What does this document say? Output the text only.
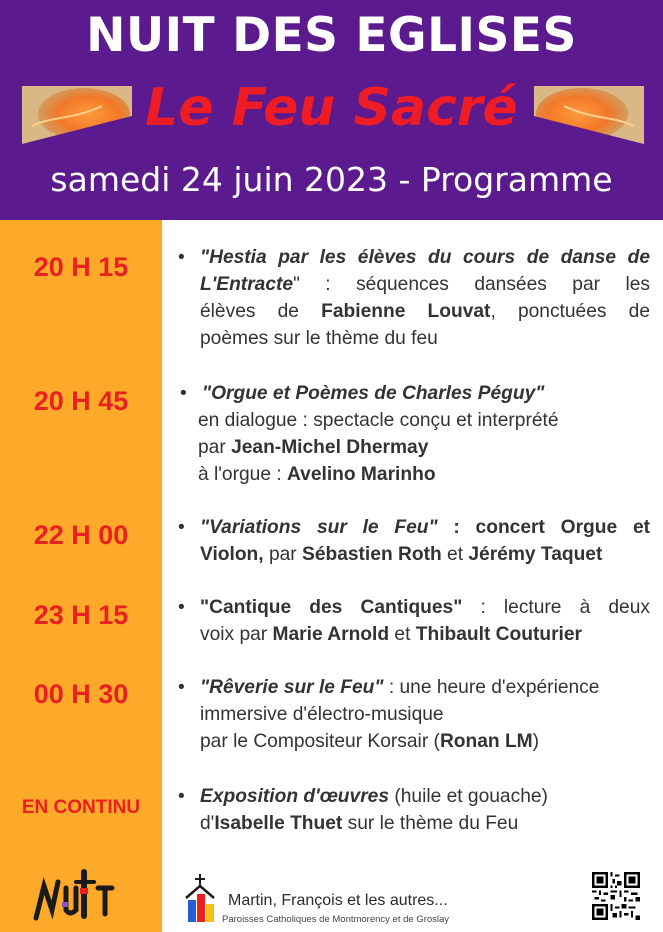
NUIT DES EGLISES
Le Feu Sacré
samedi 24 juin 2023 - Programme
20 H 15
20 H 45
22 H 00
23 H 15
00 H 30
EN CONTINU
• "Hestia par les élèves du cours de danse de
L'Entracte" : séquences dansées par les
élèves de Fabienne Louvat, ponctuées de
poèmes sur le thème du feu
• "Orgue et Poèmes de Charles Péguy"
en dialogue : spectacle conçu et interprété
par Jean-Michel Dhermay
à l'orgue : Avelino Marinho
• "Variations sur le Feu" : concert Orgue et
Violon, par Sébastien Roth et Jérémy Taquet
• "Cantique des Cantiques" : lecture à deux
voix par Marie Arnold et Thibault Couturier
• "Rêverie sur le Feu" : une heure d'expérience
immersive d'électro-musique
par le Compositeur Korsair (Ronan LM)
• Exposition d'œuvres (huile et gouache)
d'Isabelle Thuet sur le thème du Feu
Martin, François et les autres...
Paroisses Catholiques de Montmorency et de Groslay
